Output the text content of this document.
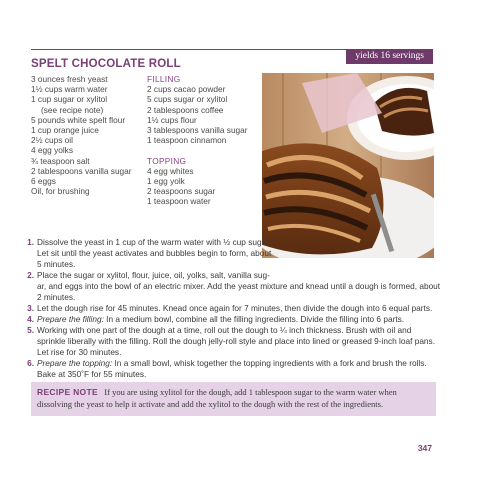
yields 16 servings
SPELT CHOCOLATE ROLL
3 ounces fresh yeast
1½ cups warm water
1 cup sugar or xylitol
(see recipe note)
5 pounds white spelt flour
1 cup orange juice
2½ cups oil
4 egg yolks
¾ teaspoon salt
2 tablespoons vanilla sugar
6 eggs
Oil, for brushing
FILLING
2 cups cacao powder
5 cups sugar or xylitol
2 tablespoons coffee
1½ cups flour
3 tablespoons vanilla sugar
1 teaspoon cinnamon
TOPPING
4 egg whites
1 egg yolk
2 teaspoons sugar
1 teaspoon water
1. Dissolve the yeast in 1 cup of the warm water with ½ cup sugar. Let sit until the yeast activates and bubbles begin to form, about 5 minutes.
2. Place the sugar or xylitol, flour, juice, oil, yolks, salt, vanilla sug-
ar, and eggs into the bowl of an electric mixer. Add the yeast mixture and knead until a dough is formed, about 2 minutes.
3. Let the dough rise for 45 minutes. Knead once again for 7 minutes, then divide the dough into 6 equal parts.
4. Prepare the filling: In a medium bowl, combine all the filling ingredients. Divide the filling into 6 parts.
5. Working with one part of the dough at a time, roll out the dough to ¼ inch thickness. Brush with oil and sprinkle liberally with the filling. Roll the dough jelly-roll style and place into lined or greased 9-inch loaf pans. Let rise for 30 minutes.
6. Prepare the topping: In a small bowl, whisk together the topping ingredients with a fork and brush the rolls. Bake at 350˚F for 55 minutes.
RECIPE NOTE If you are using xylitol for the dough, add 1 tablespoon sugar to the warm water when dissolving the yeast to help it activate and add the xylitol to the dough with the rest of the ingredients.
347
